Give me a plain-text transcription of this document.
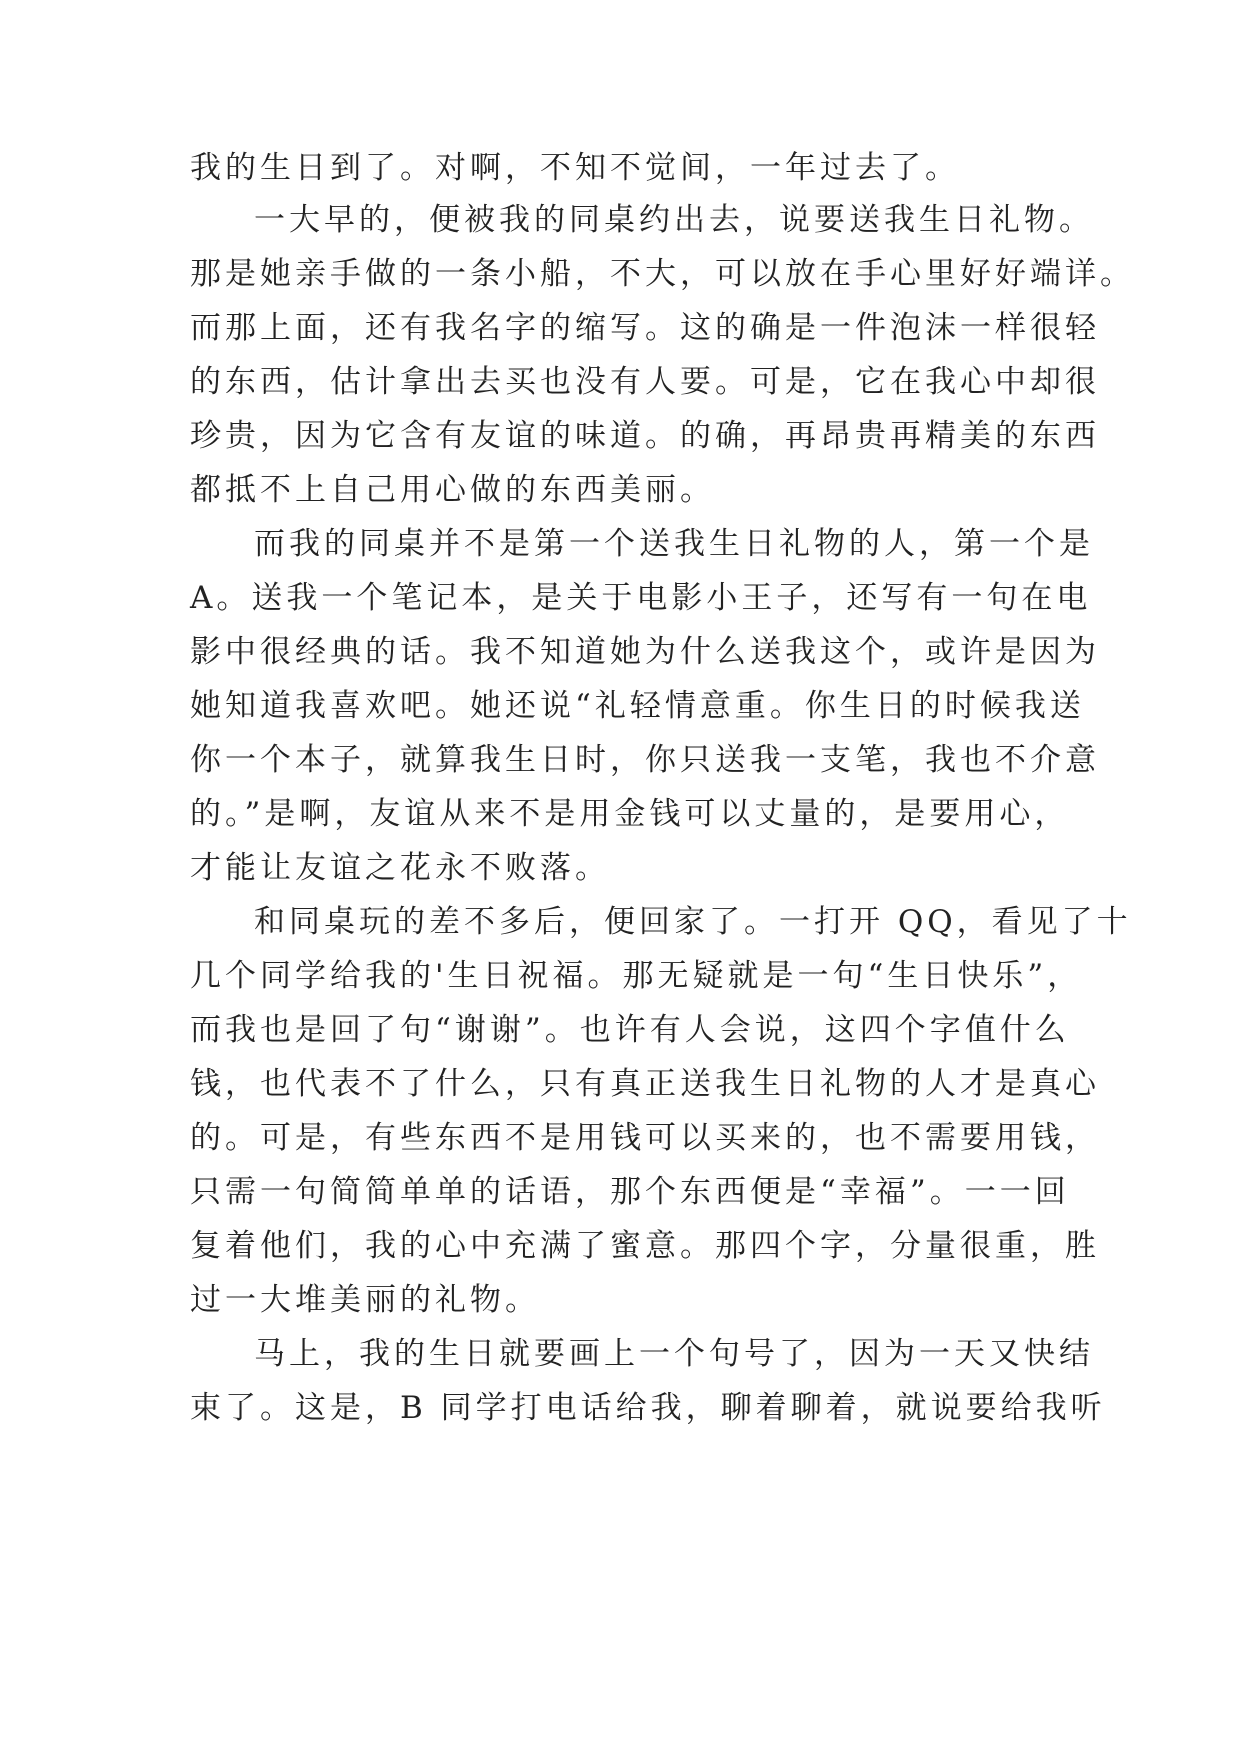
我的生日到了。对啊，不知不觉间，一年过去了。
一大早的，便被我的同桌约出去，说要送我生日礼物。
那是她亲手做的一条小船，不大，可以放在手心里好好端详。
而那上面，还有我名字的缩写。这的确是一件泡沫一样很轻
的东西，估计拿出去买也没有人要。可是，它在我心中却很
珍贵，因为它含有友谊的味道。的确，再昂贵再精美的东西
都抵不上自己用心做的东西美丽。
而我的同桌并不是第一个送我生日礼物的人，第一个是
A。送我一个笔记本，是关于电影小王子，还写有一句在电
影中很经典的话。我不知道她为什么送我这个，或许是因为
她知道我喜欢吧。她还说“礼轻情意重。你生日的时候我送
你一个本子，就算我生日时，你只送我一支笔，我也不介意
的。”是啊，友谊从来不是用金钱可以丈量的，是要用心，
才能让友谊之花永不败落。
和同桌玩的差不多后，便回家了。一打开 QQ，看见了十
几个同学给我的'生日祝福。那无疑就是一句“生日快乐”，
而我也是回了句“谢谢”。也许有人会说，这四个字值什么
钱，也代表不了什么，只有真正送我生日礼物的人才是真心
的。可是，有些东西不是用钱可以买来的，也不需要用钱，
只需一句简简单单的话语，那个东西便是“幸福”。一一回
复着他们，我的心中充满了蜜意。那四个字，分量很重，胜
过一大堆美丽的礼物。
马上，我的生日就要画上一个句号了，因为一天又快结
束了。这是，B 同学打电话给我，聊着聊着，就说要给我听
